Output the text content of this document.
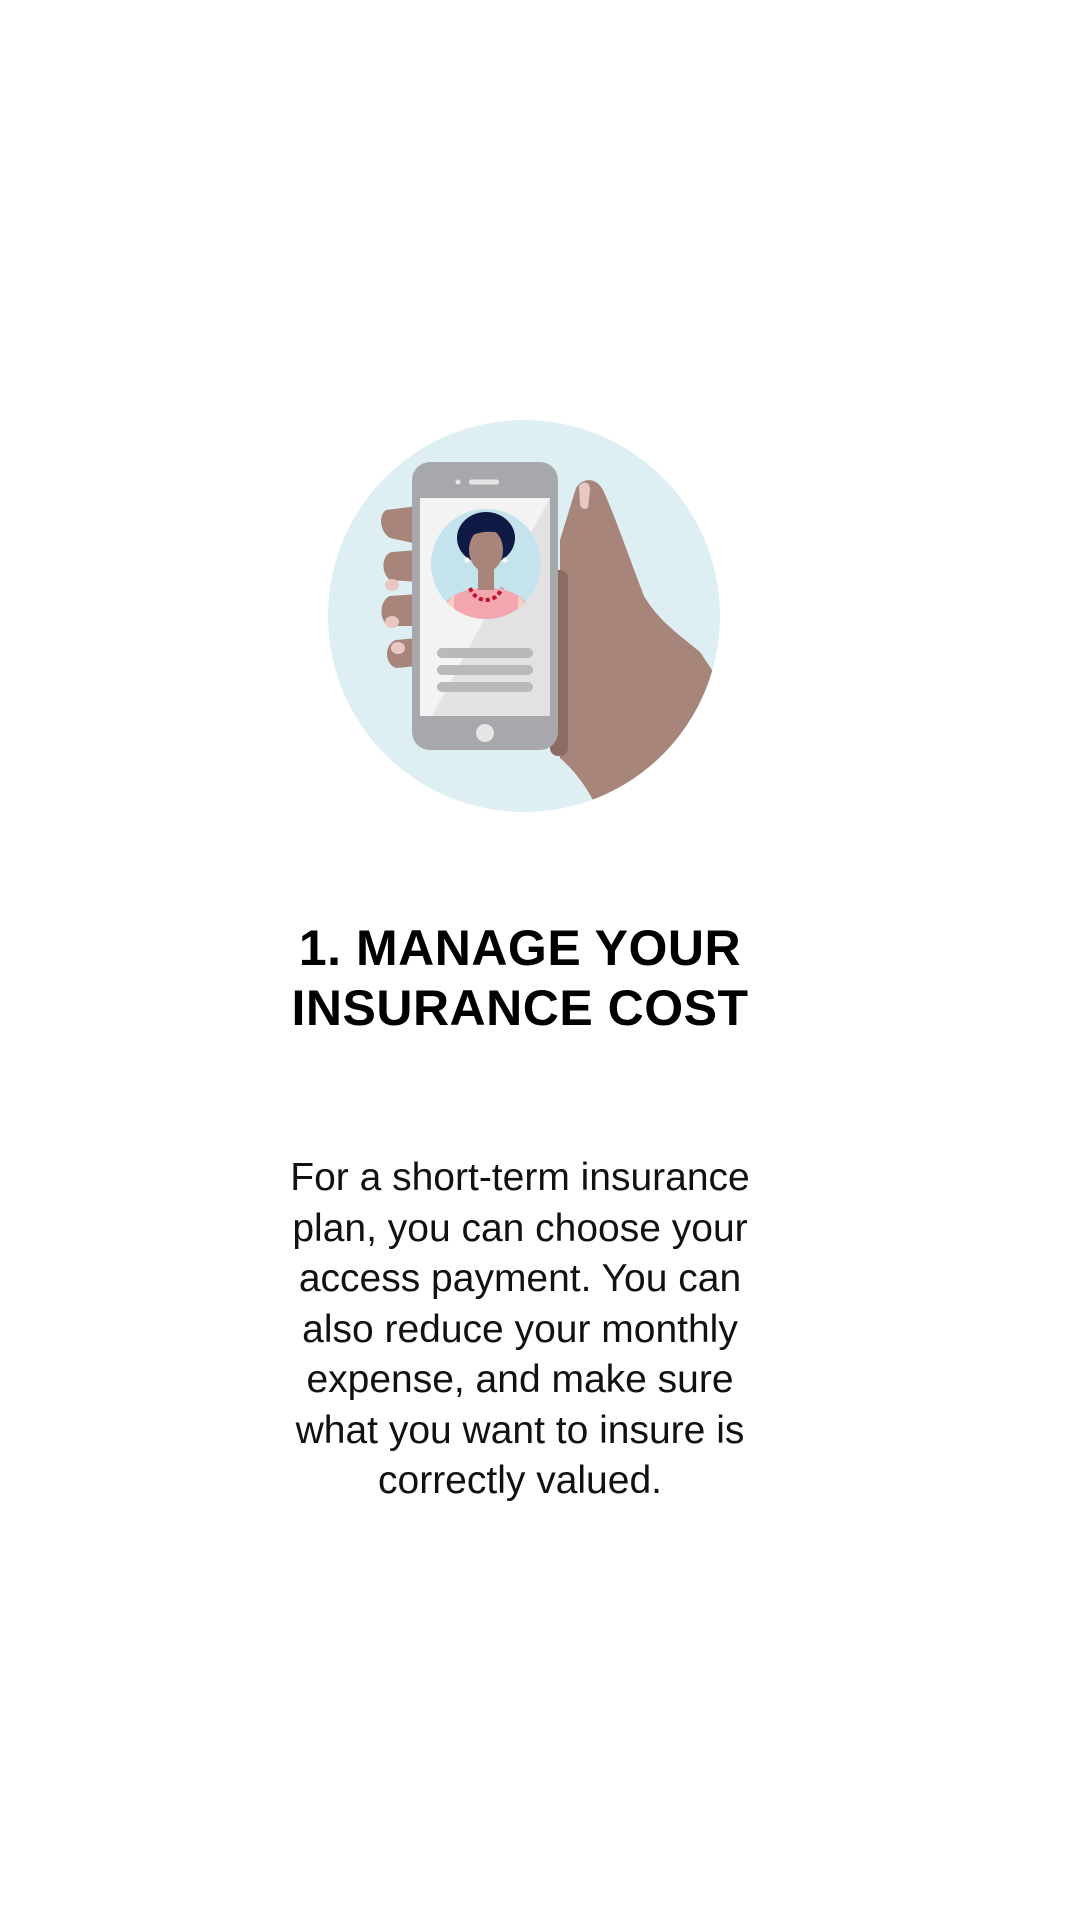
1. MANAGE YOUR
INSURANCE COST

For a short-term insurance
plan, you can choose your
access payment. You can
also reduce your monthly
expense, and make sure
what you want to insure is
correctly valued.
